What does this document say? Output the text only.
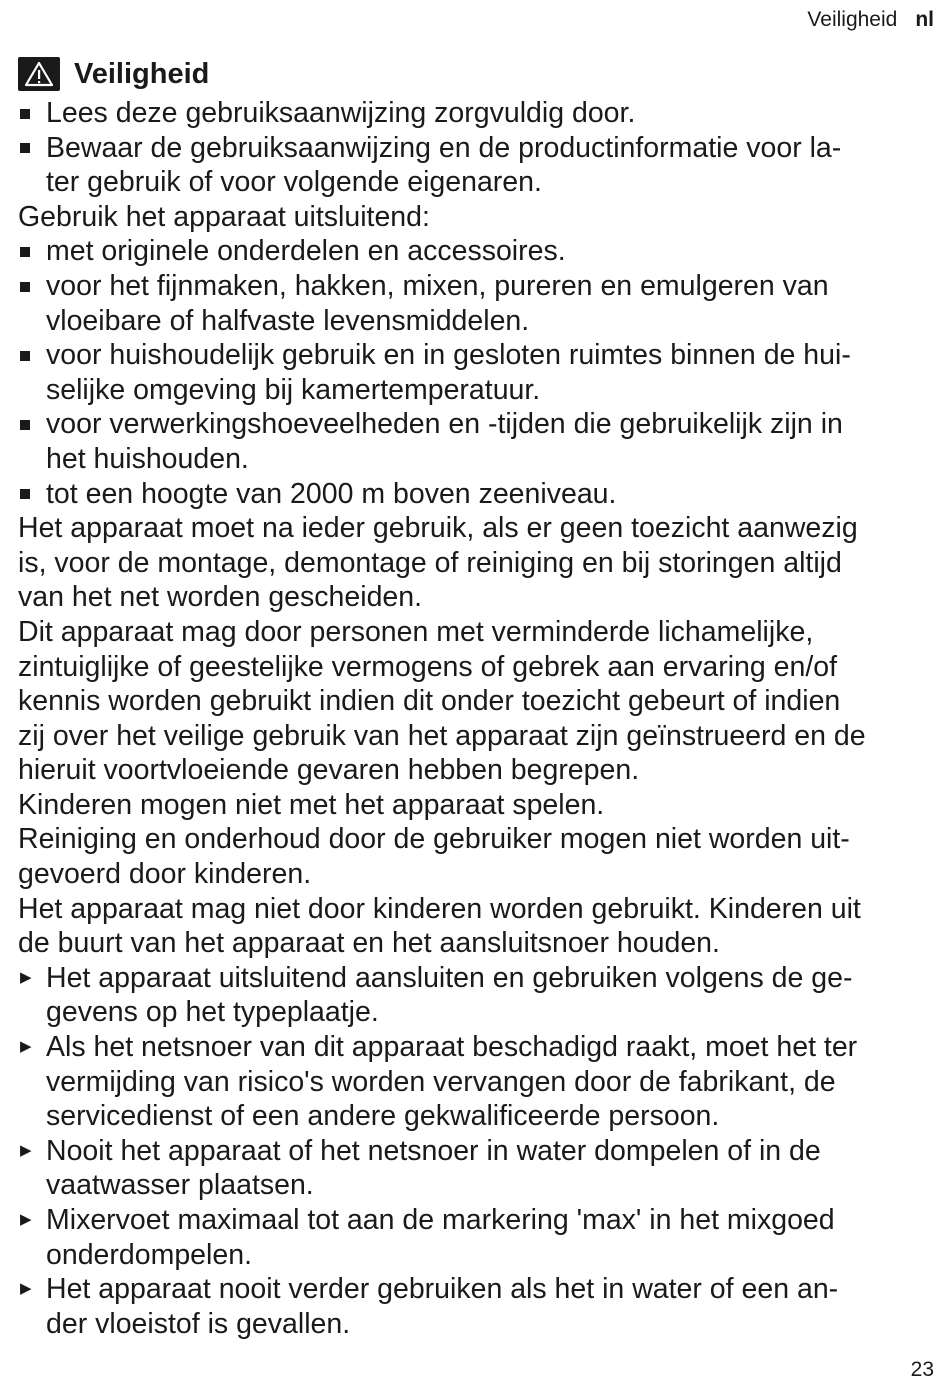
Veiligheid nl
Veiligheid
Lees deze gebruiksaanwijzing zorgvuldig door.
Bewaar de gebruiksaanwijzing en de productinformatie voor la-
ter gebruik of voor volgende eigenaren.
Gebruik het apparaat uitsluitend:
met originele onderdelen en accessoires.
voor het fijnmaken, hakken, mixen, pureren en emulgeren van
vloeibare of halfvaste levensmiddelen.
voor huishoudelijk gebruik en in gesloten ruimtes binnen de hui-
selijke omgeving bij kamertemperatuur.
voor verwerkingshoeveelheden en -tijden die gebruikelijk zijn in
het huishouden.
tot een hoogte van 2000 m boven zeeniveau.
Het apparaat moet na ieder gebruik, als er geen toezicht aanwezig
is, voor de montage, demontage of reiniging en bij storingen altijd
van het net worden gescheiden.
Dit apparaat mag door personen met verminderde lichamelijke,
zintuiglijke of geestelijke vermogens of gebrek aan ervaring en/of
kennis worden gebruikt indien dit onder toezicht gebeurt of indien
zij over het veilige gebruik van het apparaat zijn geïnstrueerd en de
hieruit voortvloeiende gevaren hebben begrepen.
Kinderen mogen niet met het apparaat spelen.
Reiniging en onderhoud door de gebruiker mogen niet worden uit-
gevoerd door kinderen.
Het apparaat mag niet door kinderen worden gebruikt. Kinderen uit
de buurt van het apparaat en het aansluitsnoer houden.
▶ Het apparaat uitsluitend aansluiten en gebruiken volgens de ge-
gevens op het typeplaatje.
▶ Als het netsnoer van dit apparaat beschadigd raakt, moet het ter
vermijding van risico's worden vervangen door de fabrikant, de
servicedienst of een andere gekwalificeerde persoon.
▶ Nooit het apparaat of het netsnoer in water dompelen of in de
vaatwasser plaatsen.
▶ Mixervoet maximaal tot aan de markering 'max' in het mixgoed
onderdompelen.
▶ Het apparaat nooit verder gebruiken als het in water of een an-
der vloeistof is gevallen.
23
